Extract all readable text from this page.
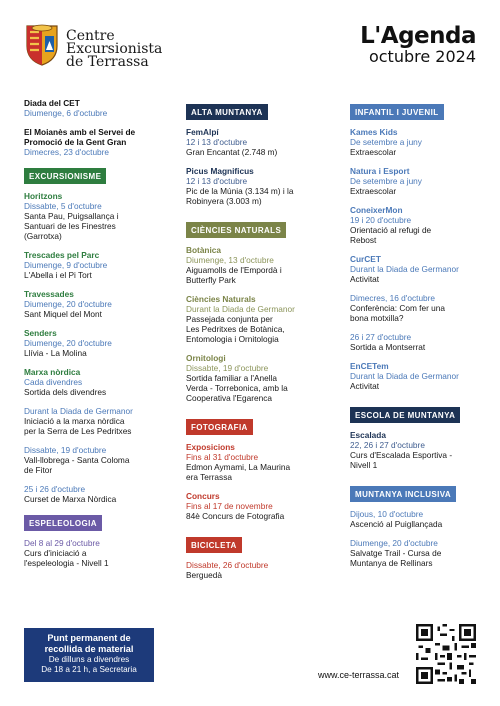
Centre
Excursionista
de Terrassa
L'Agenda
octubre 2024
Diada del CET
Diumenge, 6 d'octubre
El Moianès amb el Servei de
Promoció de la Gent Gran
Dimecres, 23 d'octubre
EXCURSIONISME
Horitzons
Dissabte, 5 d'octubre
Santa Pau, Puigsallança i
Santuari de les Finestres
(Garrotxa)
Trescades pel Parc
Diumenge, 9 d'octubre
L'Abella i el Pi Tort
Travessades
Diumenge, 20 d'octubre
Sant Miquel del Mont
Senders
Diumenge, 20 d'octubre
Llívia - La Molina
Marxa nòrdica
Cada divendres
Sortida dels divendres
Durant la Diada de Germanor
Iniciació a la marxa nòrdica
per la Serra de Les Pedritxes
Dissabte, 19 d'octubre
Vall-llobrega - Santa Coloma
de Fitor
25 i 26 d'octubre
Curset de Marxa Nòrdica
ESPELEOLOGIA
Del 8 al 29 d'octubre
Curs d'iniciació a
l'espeleologia - Nivell 1
ALTA MUNTANYA
FemAlpí
12 i 13 d'octubre
Gran Encantat (2.748 m)
Picus Magnificus
12 i 13 d'octubre
Pic de la Múnia (3.134 m) i la
Robinyera (3.003 m)
CIÈNCIES NATURALS
Botànica
Diumenge, 13 d'octubre
Aiguamolls de l'Empordà i
Butterfly Park
Ciències Naturals
Durant la Diada de Germanor
Passejada conjunta per
Les Pedritxes de Botànica,
Entomologia i Ornitologia
Ornitologi
Dissabte, 19 d'octubre
Sortida familiar a l'Anella
Verda - Torrebonica, amb la
Cooperativa l'Egarenca
FOTOGRAFIA
Exposicions
Fins al 31 d'octubre
Edmon Aymami, La Maurina
era Terrassa
Concurs
Fins al 17 de novembre
84è Concurs de Fotografia
BICICLETA
Dissabte, 26 d'octubre
Berguedà
INFANTIL I JUVENIL
Kames Kids
De setembre a juny
Extraescolar
Natura i Esport
De setembre a juny
Extraescolar
ConeixerMon
19 i 20 d'octubre
Orientació al refugi de
Rebost
CurCET
Durant la Diada de Germanor
Activitat
Dimecres, 16 d'octubre
Conferència: Com fer una
bona motxilla?
26 i 27 d'octubre
Sortida a Montserrat
EnCETem
Durant la Diada de Germanor
Activitat
ESCOLA DE MUNTANYA
Escalada
22, 26 i 27 d'octubre
Curs d'Escalada Esportiva -
Nivell 1
MUNTANYA INCLUSIVA
Dijous, 10 d'octubre
Ascenció al Puigllançada
Diumenge, 20 d'octubre
Salvatge Trail - Cursa de
Muntanya de Rellinars
Punt permanent de
recollida de material
De dilluns a divendres
De 18 a 21 h, a Secretaria
www.ce-terrassa.cat
